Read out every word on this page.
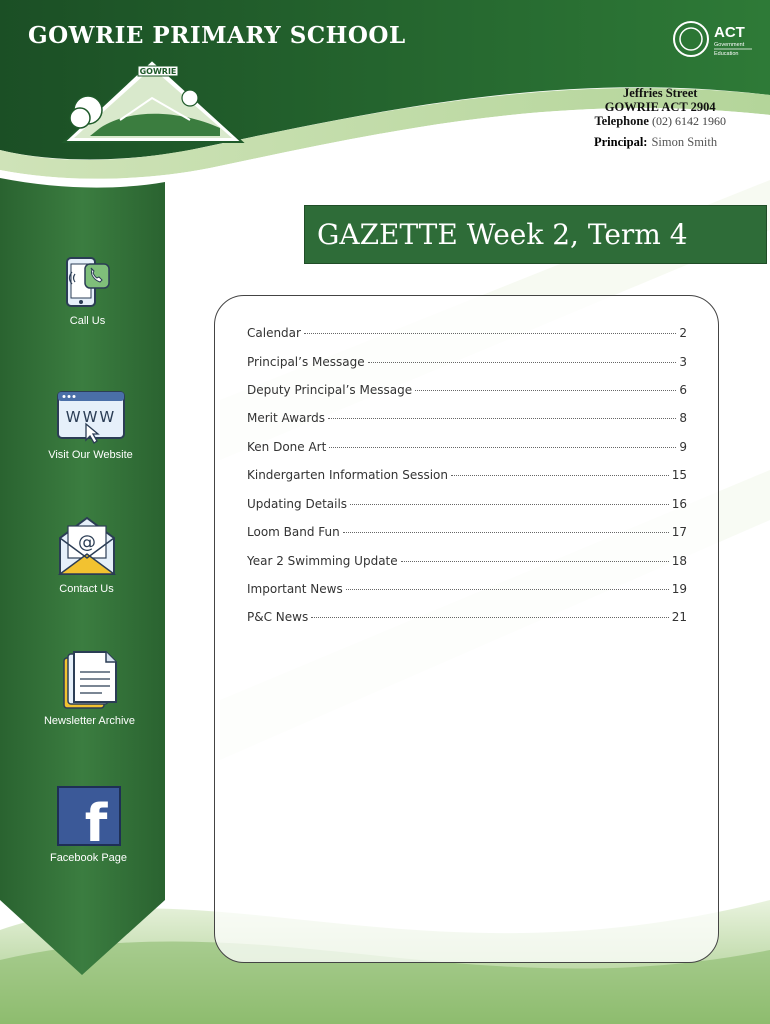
GOWRIE PRIMARY SCHOOL
GOWRIE
ACT
Government
Education
Jeffries Street
GOWRIE ACT 2904
Telephone (02) 6142 1960
Principal: Simon Smith
GAZETTE Week 2, Term 4
Call Us
WWW
Visit Our Website
@
Contact Us
Newsletter Archive
f
Facebook Page
Calendar	2
Principal’s Message	3
Deputy Principal’s Message	6
Merit Awards	8
Ken Done Art	9
Kindergarten Information Session	15
Updating Details	16
Loom Band Fun	17
Year 2 Swimming Update	18
Important News	19
P&C News	21
